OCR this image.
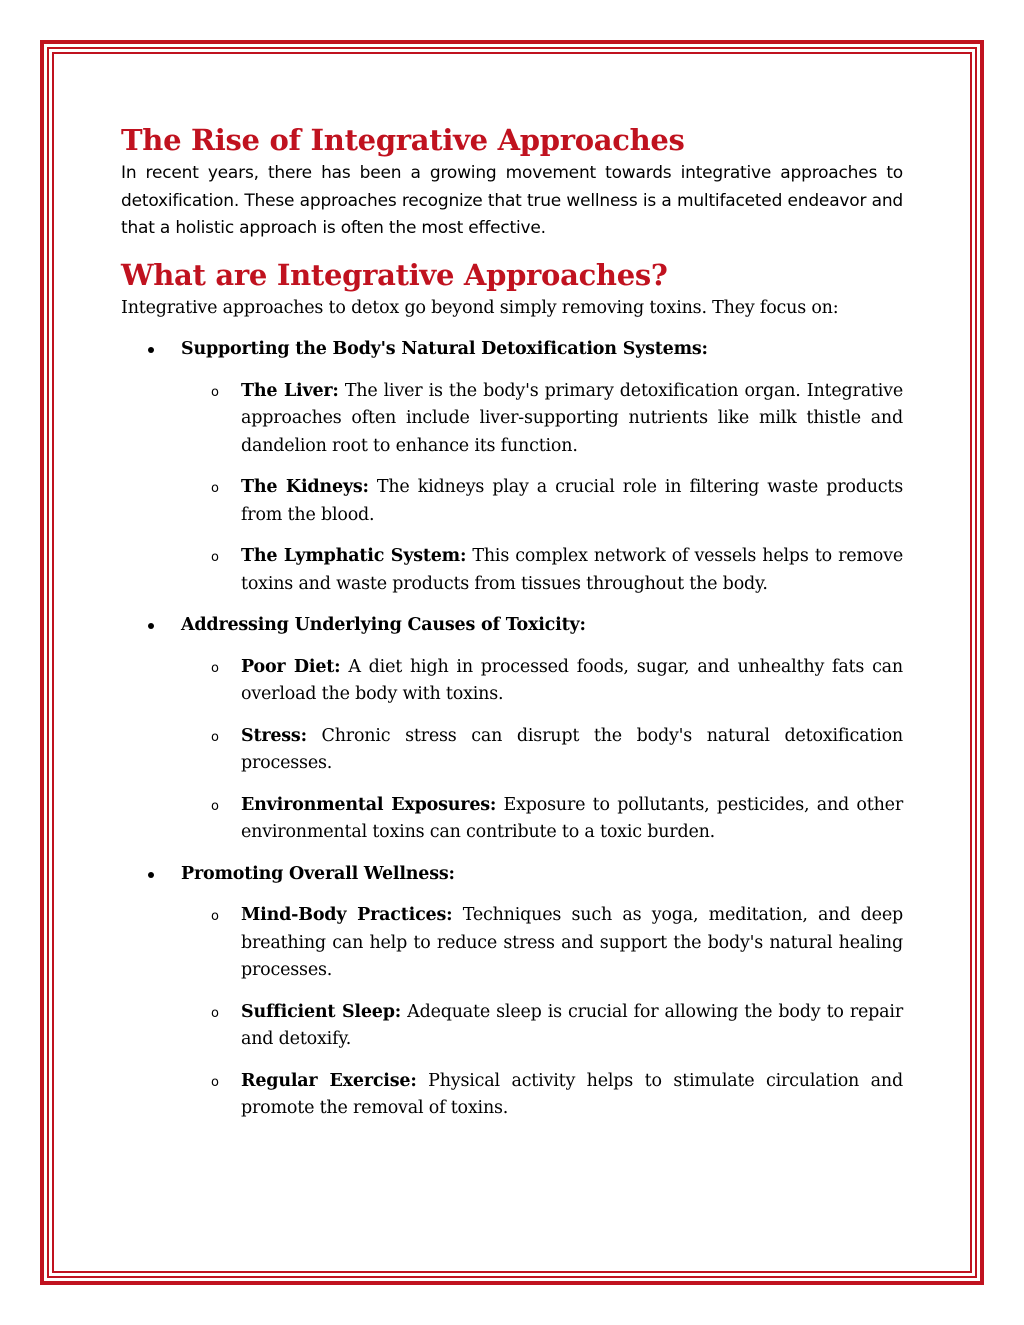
The Rise of Integrative Approaches

In recent years, there has been a growing movement towards integrative approaches to detoxification. These approaches recognize that true wellness is a multifaceted endeavor and that a holistic approach is often the most effective.

What are Integrative Approaches?

Integrative approaches to detox go beyond simply removing toxins. They focus on:

Supporting the Body's Natural Detoxification Systems:
o The Liver: The liver is the body's primary detoxification organ. Integrative approaches often include liver-supporting nutrients like milk thistle and dandelion root to enhance its function.
o The Kidneys: The kidneys play a crucial role in filtering waste products from the blood.
o The Lymphatic System: This complex network of vessels helps to remove toxins and waste products from tissues throughout the body.
Addressing Underlying Causes of Toxicity:
o Poor Diet: A diet high in processed foods, sugar, and unhealthy fats can overload the body with toxins.
o Stress: Chronic stress can disrupt the body's natural detoxification processes.
o Environmental Exposures: Exposure to pollutants, pesticides, and other environmental toxins can contribute to a toxic burden.
Promoting Overall Wellness:
o Mind-Body Practices: Techniques such as yoga, meditation, and deep breathing can help to reduce stress and support the body's natural healing processes.
o Sufficient Sleep: Adequate sleep is crucial for allowing the body to repair and detoxify.
o Regular Exercise: Physical activity helps to stimulate circulation and promote the removal of toxins.
